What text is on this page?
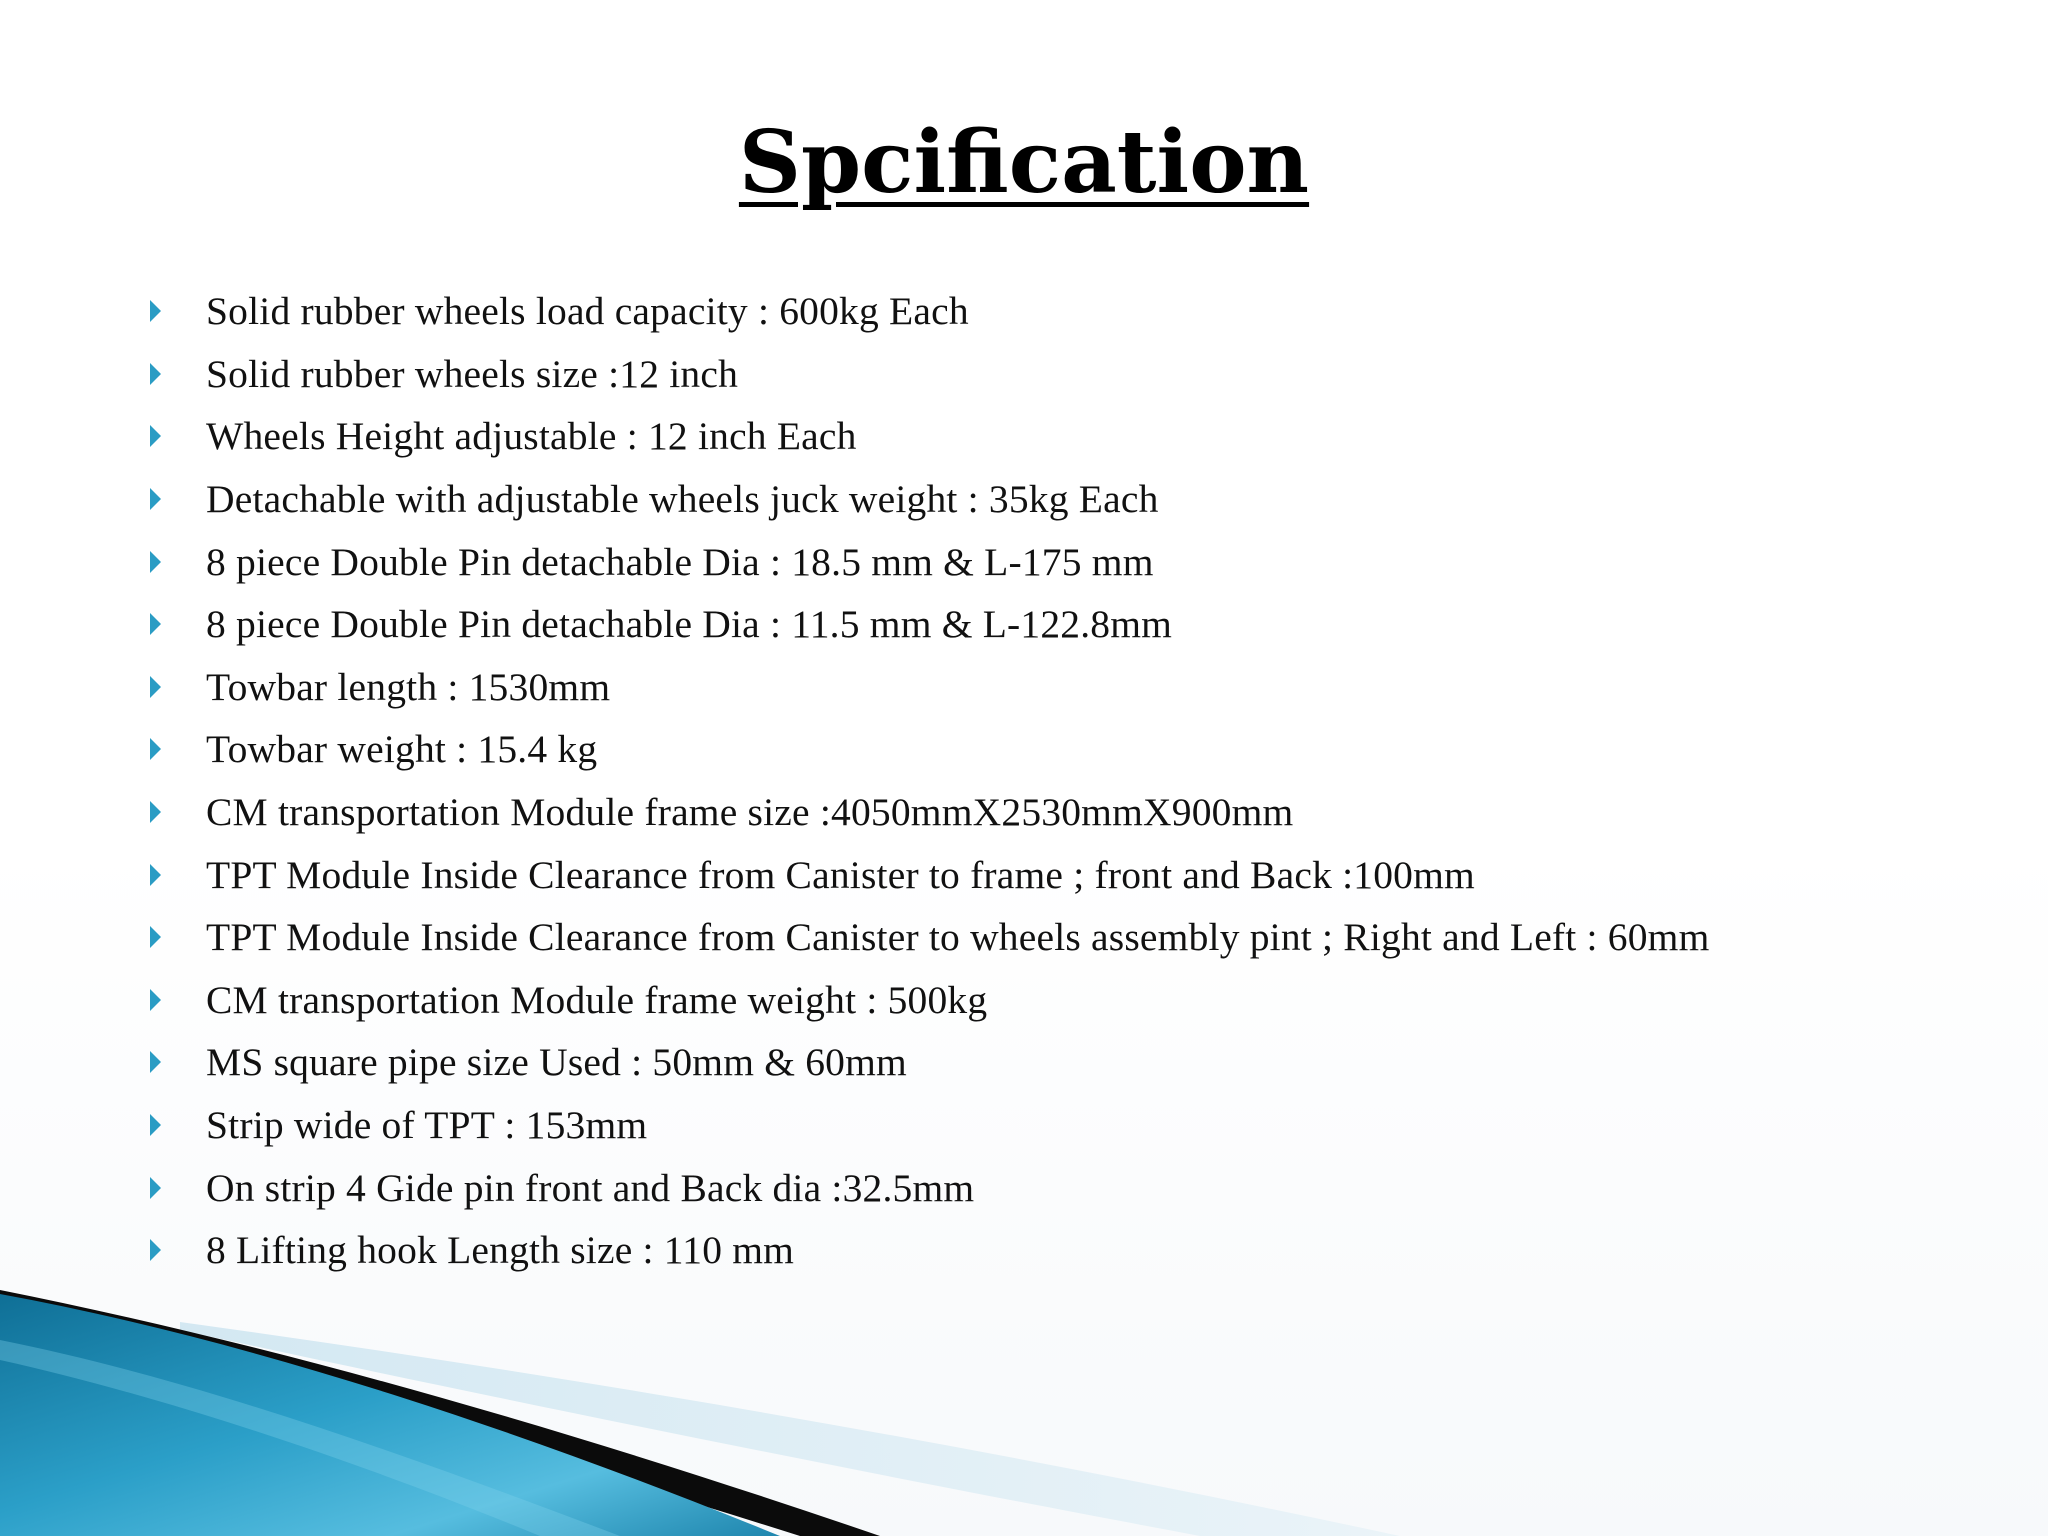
Spcification
Solid rubber wheels load capacity : 600kg Each
Solid rubber wheels size :12 inch
Wheels Height adjustable : 12 inch Each
Detachable with adjustable wheels juck weight : 35kg Each
8 piece Double Pin detachable Dia : 18.5 mm & L-175 mm
8 piece Double Pin detachable Dia : 11.5 mm & L-122.8mm
Towbar length : 1530mm
Towbar weight : 15.4 kg
CM transportation Module frame size :4050mmX2530mmX900mm
TPT Module Inside Clearance from Canister to frame ; front and Back :100mm
TPT Module Inside Clearance from Canister to wheels assembly pint ; Right and Left : 60mm
CM transportation Module frame weight : 500kg
MS square pipe size Used : 50mm & 60mm
Strip wide of TPT : 153mm
On strip 4 Gide pin front and Back dia :32.5mm
8 Lifting hook Length size : 110 mm
